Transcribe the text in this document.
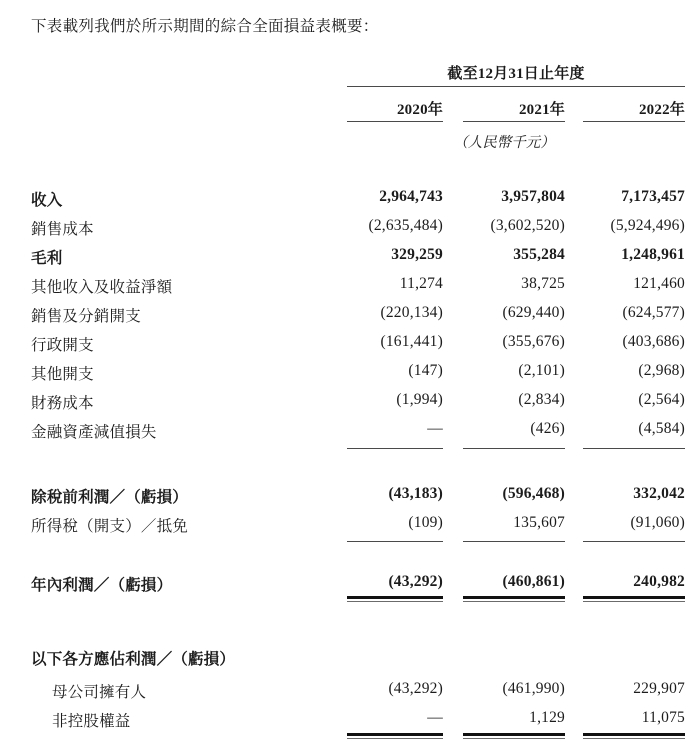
下表載列我們於所示期間的綜合全面損益表概要：
截至12月31日止年度
2020年	2021年	2022年
（人民幣千元）
收入	2,964,743	3,957,804	7,173,457
銷售成本	(2,635,484)	(3,602,520)	(5,924,496)
毛利	329,259	355,284	1,248,961
其他收入及收益淨額	11,274	38,725	121,460
銷售及分銷開支	(220,134)	(629,440)	(624,577)
行政開支	(161,441)	(355,676)	(403,686)
其他開支	(147)	(2,101)	(2,968)
財務成本	(1,994)	(2,834)	(2,564)
金融資產減值損失	—	(426)	(4,584)
除稅前利潤／（虧損）	(43,183)	(596,468)	332,042
所得稅（開支）／抵免	(109)	135,607	(91,060)
年內利潤／（虧損）	(43,292)	(460,861)	240,982
以下各方應佔利潤／（虧損）
母公司擁有人	(43,292)	(461,990)	229,907
非控股權益	—	1,129	11,075
